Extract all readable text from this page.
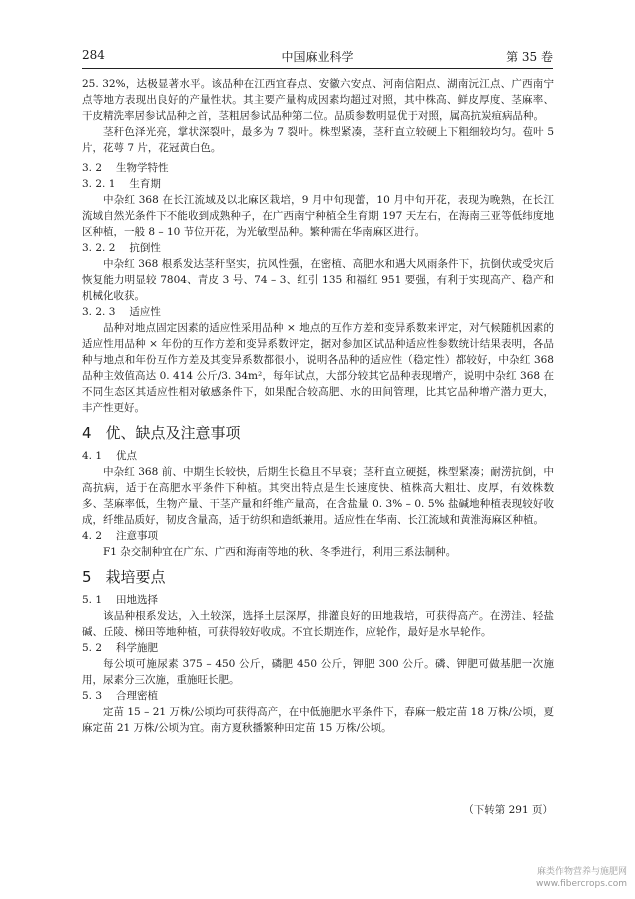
284	中国麻业科学	第 35 卷

25. 32%，达极显著水平。该品种在江西宜春点、安徽六安点、河南信阳点、湖南沅江点、广西南宁点等地方表现出良好的产量性状。其主要产量构成因素均超过对照，其中株高、鲜皮厚度、茎麻率、干皮精洗率居参试品种之首，茎粗居参试品种第二位。品质参数明显优于对照，属高抗炭疽病品种。

茎秆色泽光亮，掌状深裂叶，最多为 7 裂叶。株型紧凑，茎秆直立较硬上下粗细较均匀。苞叶 5 片，花萼 7 片，花冠黄白色。

3. 2 生物学特性
3. 2. 1 生育期

中杂红 368 在长江流域及以北麻区栽培，9 月中旬现蕾，10 月中旬开花，表现为晚熟，在长江流域自然光条件下不能收到成熟种子，在广西南宁种植全生育期 197 天左右，在海南三亚等低纬度地区种植，一般 8 – 10 节位开花，为光敏型品种。繁种需在华南麻区进行。

3. 2. 2 抗倒性

中杂红 368 根系发达茎秆坚实，抗风性强，在密植、高肥水和遇大风雨条件下，抗倒伏或受灾后恢复能力明显较 7804、青皮 3 号、74 – 3、红引 135 和福红 951 要强，有利于实现高产、稳产和机械化收获。

3. 2. 3 适应性

品种对地点固定因素的适应性采用品种 × 地点的互作方差和变异系数来评定，对气候随机因素的适应性用品种 × 年份的互作方差和变异系数评定，据对参加区试品种适应性参数统计结果表明，各品种与地点和年份互作方差及其变异系数都很小，说明各品种的适应性（稳定性）都较好，中杂红 368 品种主效值高达 0. 414 公斤/3. 34m²，每年试点，大部分较其它品种表现增产，说明中杂红 368 在不同生态区其适应性相对敏感条件下，如果配合较高肥、水的田间管理，比其它品种增产潜力更大，丰产性更好。

4 优、缺点及注意事项
4. 1 优点

中杂红 368 前、中期生长较快，后期生长稳且不早衰；茎秆直立硬挺，株型紧凑；耐涝抗倒，中高抗病，适于在高肥水平条件下种植。其突出特点是生长速度快、植株高大粗壮、皮厚，有效株数多、茎麻率低，生物产量、干茎产量和纤维产量高，在含盐量 0. 3% – 0. 5% 盐碱地种植表现较好收成，纤维品质好，韧皮含量高，适于纺织和造纸兼用。适应性在华南、长江流域和黄淮海麻区种植。

4. 2 注意事项

F1 杂交制种宜在广东、广西和海南等地的秋、冬季进行，利用三系法制种。

5 栽培要点
5. 1 田地选择

该品种根系发达，入土较深，选择土层深厚，排灌良好的田地栽培，可获得高产。在涝洼、轻盐碱、丘陵、梯田等地种植，可获得较好收成。不宜长期连作，应轮作，最好是水旱轮作。

5. 2 科学施肥

每公顷可施尿素 375 – 450 公斤，磷肥 450 公斤，钾肥 300 公斤。磷、钾肥可做基肥一次施用，尿素分三次施，重施旺长肥。

5. 3 合理密植

定苗 15 – 21 万株/公顷均可获得高产，在中低施肥水平条件下，春麻一般定苗 18 万株/公顷，夏麻定苗 21 万株/公顷为宜。南方夏秋播繁种田定苗 15 万株/公顷。

（下转第 291 页）
麻类作物营养与施肥网
www.fibercrops.com
